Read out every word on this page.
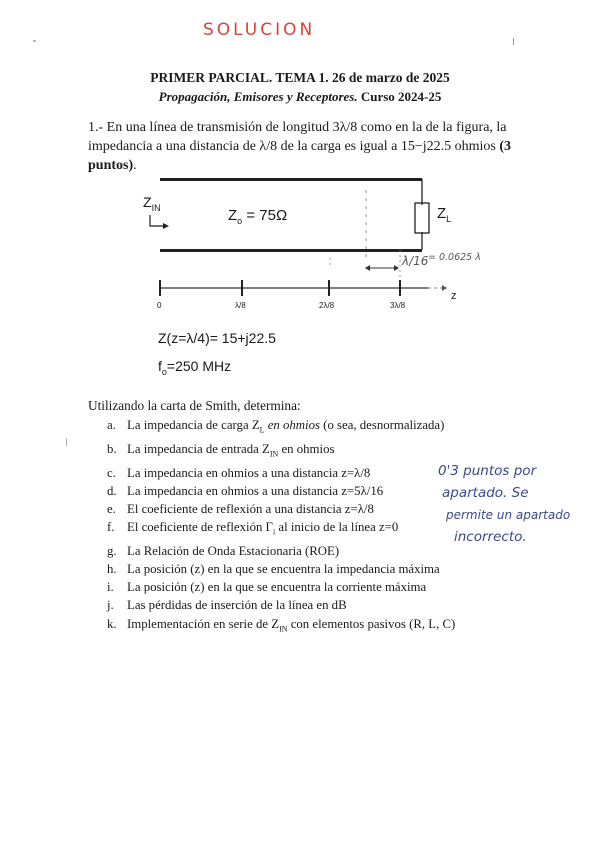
SOLUCION
PRIMER PARCIAL. TEMA 1. 26 de marzo de 2025
Propagación, Emisores y Receptores. Curso 2024-25
1.- En una línea de transmisión de longitud 3λ/8 como en la de la figura, la impedancia a una distancia de λ/8 de la carga es igual a 15−j22.5 ohmios (3 puntos).
$Z_{IN}$	$Z_o = 75\Omega$	$Z_L$
λ/16 = 0.0625 λ
0	λ/8	2λ/8	3λ/8
z
Z(z=λ/4)= 15+j22.5
$f_o=250$ MHz
Utilizando la carta de Smith, determina:
a. La impedancia de carga $Z_L$ en ohmios (o sea, desnormalizada)
b. La impedancia de entrada $Z_{IN}$ en ohmios
c. La impedancia en ohmios a una distancia z=λ/8
d. La impedancia en ohmios a una distancia z=5λ/16
e. El coeficiente de reflexión a una distancia z=λ/8
f. El coeficiente de reflexión $\Gamma_i$ al inicio de la línea z=0
g. La Relación de Onda Estacionaria (ROE)
h. La posición (z) en la que se encuentra la impedancia máxima
i.	La posición (z) en la que se encuentra la corriente máxima
j.	Las pérdidas de inserción de la línea en dB
k. Implementación en serie de $Z_{IN}$ con elementos pasivos (R, L, C)
0'3 puntos por
apartado. Se
permite un apartado
incorrecto.
